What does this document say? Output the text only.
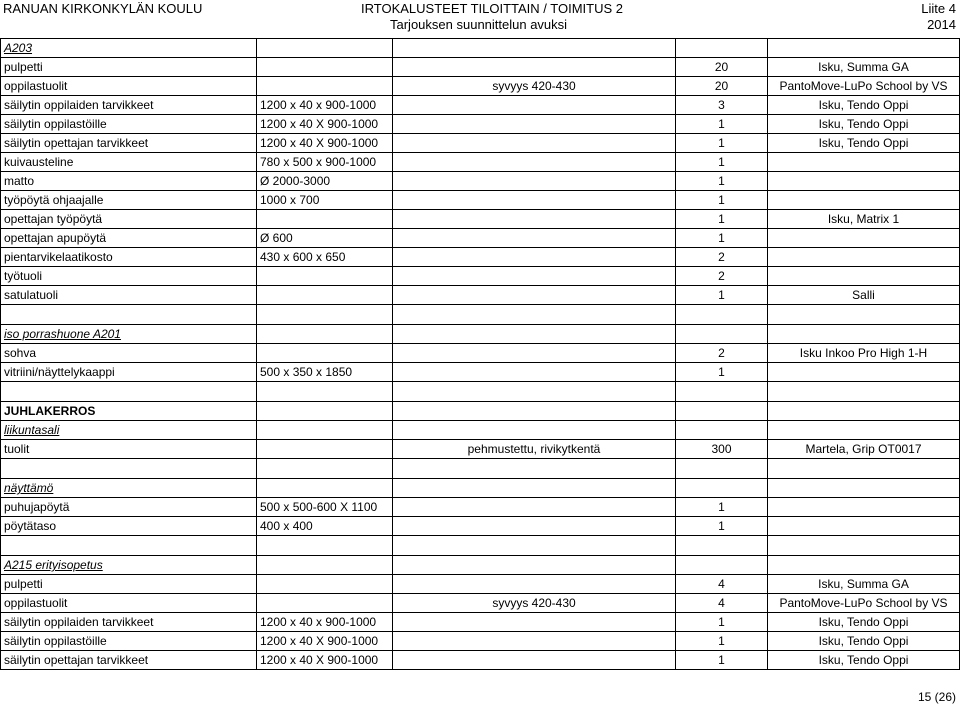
RANUAN KIRKONKYLÄN KOULU	IRTOKALUSTEET TILOITTAIN / TOIMITUS 2
Tarjouksen suunnittelun avuksi
Liite 4
2014
A203				
pulpetti			20	Isku, Summa GA
oppilastuolit		syvyys 420-430	20	PantoMove-LuPo School by VS
säilytin oppilaiden tarvikkeet	1200 x 40 x 900-1000		3	Isku, Tendo Oppi
säilytin oppilastöille	1200 x 40 X 900-1000		1	Isku, Tendo Oppi
säilytin opettajan tarvikkeet	1200 x 40 X 900-1000		1	Isku, Tendo Oppi
kuivausteline	780 x 500 x 900-1000		1	
matto	Ø 2000-3000		1	
työpöytä ohjaajalle	1000 x 700		1	
opettajan työpöytä			1	Isku, Matrix 1
opettajan apupöytä	Ø 600		1	
pientarvikelaatikosto	430 x 600 x 650		2	
työtuoli			2	
satulatuoli			1	Salli

iso porrashuone A201				
sohva			2	Isku Inkoo Pro High 1-H
vitriini/näyttelykaappi	500 x 350 x 1850		1	

JUHLAKERROS				
liikuntasali				
tuolit		pehmustettu, rivikytkentä	300	Martela, Grip OT0017

näyttämö				
puhujapöytä	500 x 500-600 X 1100		1	
pöytätaso	400 x 400		1	

A215 erityisopetus				
pulpetti			4	Isku, Summa GA
oppilastuolit		syvyys 420-430	4	PantoMove-LuPo School by VS
säilytin oppilaiden tarvikkeet	1200 x 40 x 900-1000		1	Isku, Tendo Oppi
säilytin oppilastöille	1200 x 40 X 900-1000		1	Isku, Tendo Oppi
säilytin opettajan tarvikkeet	1200 x 40 X 900-1000		1	Isku, Tendo Oppi
15 (26)
